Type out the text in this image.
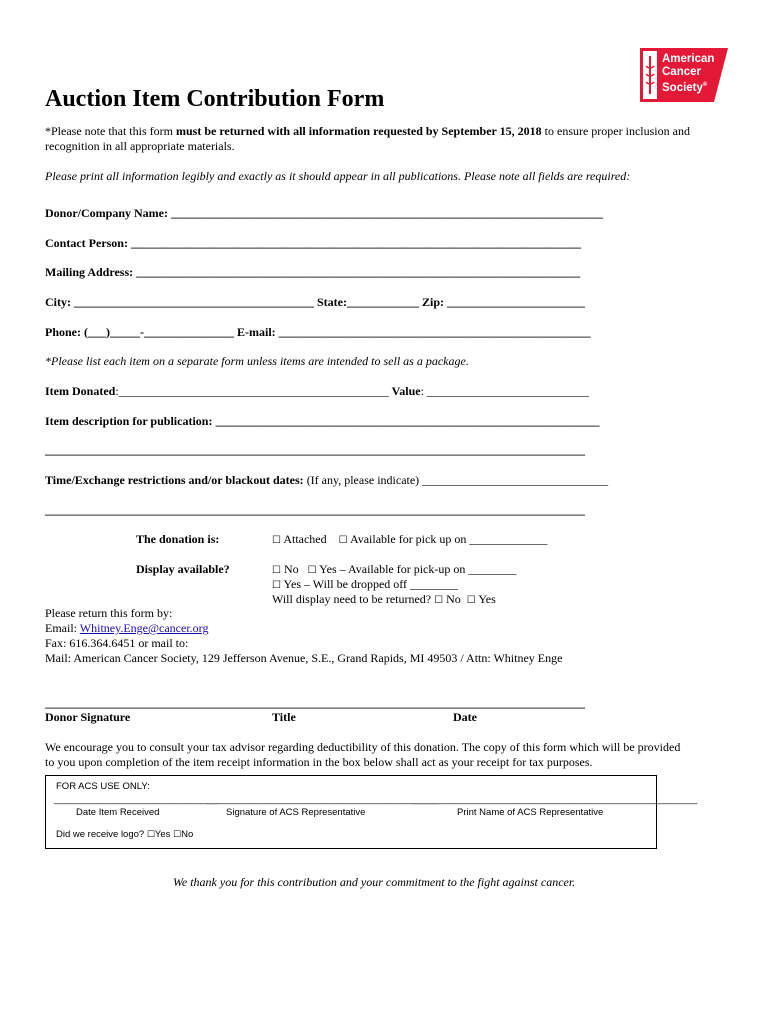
American
Cancer
Society®
Auction Item Contribution Form
*Please note that this form must be returned with all information requested by September 15, 2018 to ensure proper inclusion and
recognition in all appropriate materials.
Please print all information legibly and exactly as it should appear in all publications. Please note all fields are required:
Donor/Company Name: ________________________________________________________________________
Contact Person: ___________________________________________________________________________
Mailing Address: __________________________________________________________________________
City: ________________________________________ State:____________ Zip: _______________________
Phone: (___)_____-_______________ E-mail: ____________________________________________________
*Please list each item on a separate form unless items are intended to sell as a package.
Item Donated:_____________________________________________ Value: ___________________________
Item description for publication: ________________________________________________________________
__________________________________________________________________________________________
Time/Exchange restrictions and/or blackout dates: (If any, please indicate) _______________________________
__________________________________________________________________________________________
The donation is:	☐ Attached ☐ Available for pick up on _____________
Display available?	☐ No ☐ Yes – Available for pick-up on ________
☐ Yes – Will be dropped off ________
Will display need to be returned? ☐ No ☐ Yes
Please return this form by:
Email: Whitney.Enge@cancer.org
Fax: 616.364.6451 or mail to:
Mail: American Cancer Society, 129 Jefferson Avenue, S.E., Grand Rapids, MI 49503 / Attn: Whitney Enge
__________________________________________________________________________________________
Donor Signature	Title	Date
We encourage you to consult your tax advisor regarding deductibility of this donation. The copy of this form which will be provided
to you upon completion of the item receipt information in the box below shall act as your receipt for tax purposes.
FOR ACS USE ONLY:
_______________________________
____________________________________________
______________________________________________________
Date Item Received	Signature of ACS Representative	Print Name of ACS Representative
Did we receive logo? ☐Yes ☐No
We thank you for this contribution and your commitment to the fight against cancer.
